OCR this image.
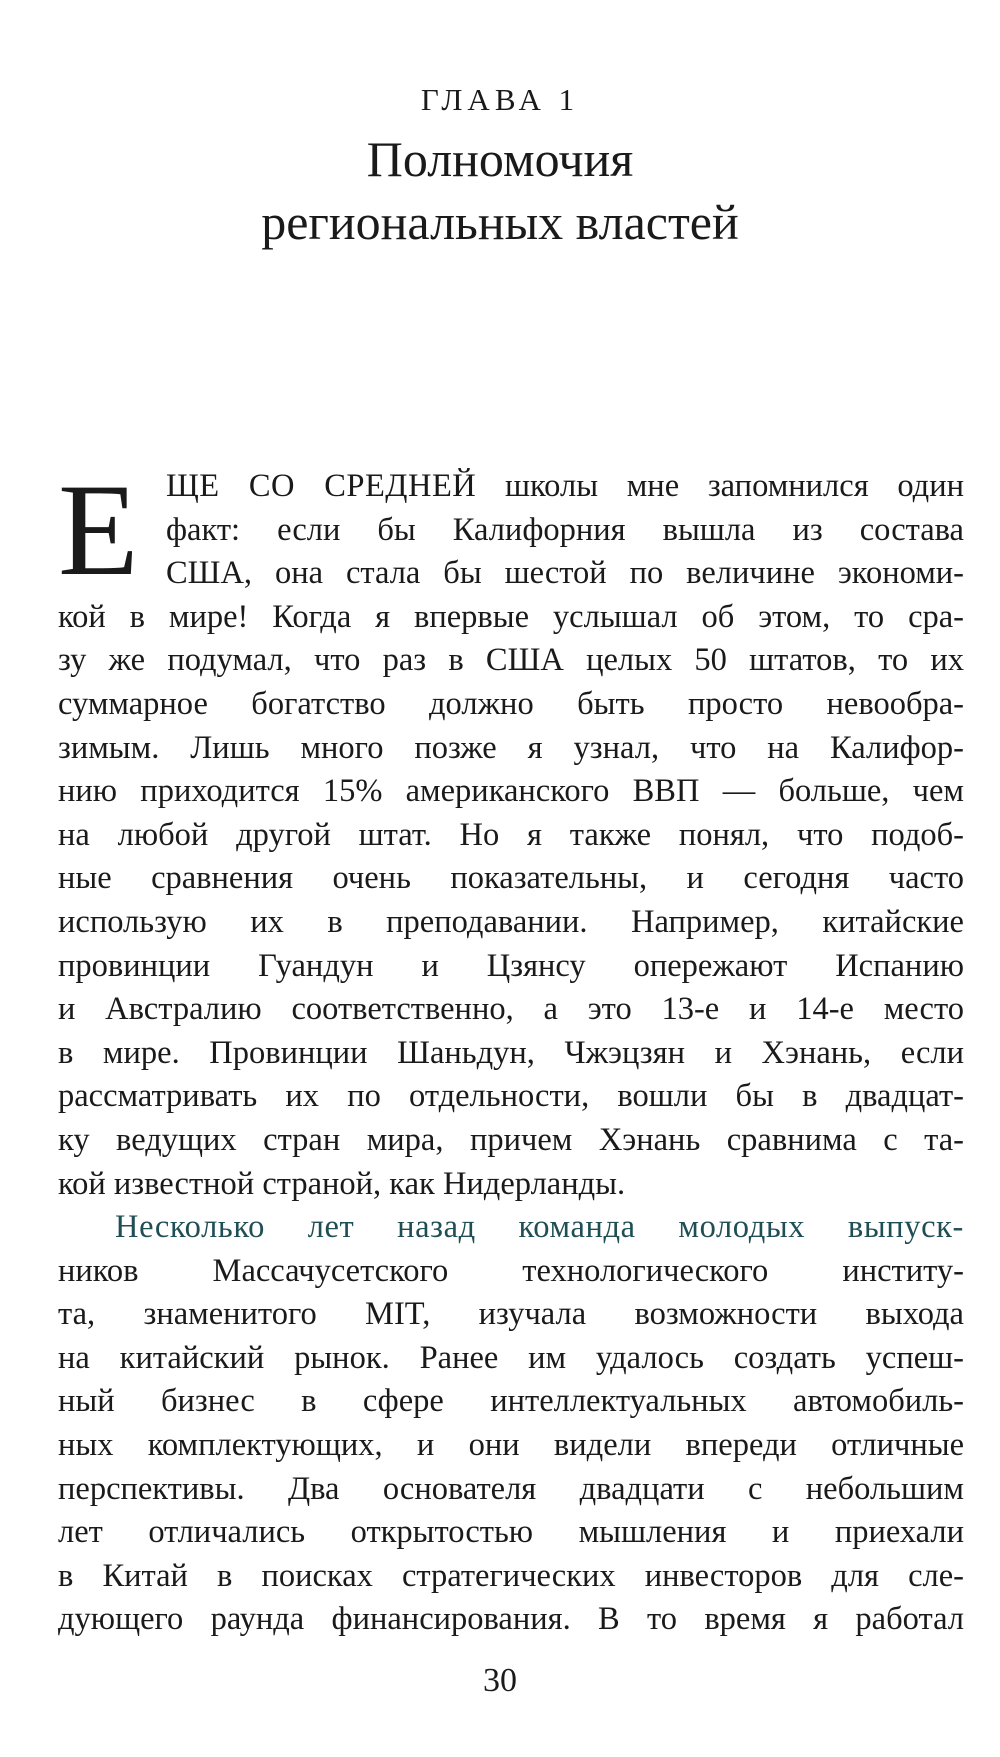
ГЛАВА 1
Полномочия
региональных властей
Е ЩЕ СО СРЕДНЕЙ школы мне запомнился один
факт: если бы Калифорния вышла из состава
США, она стала бы шестой по величине экономи-
кой в мире! Когда я впервые услышал об этом, то сра-
зу же подумал, что раз в США целых 50 штатов, то их
суммарное богатство должно быть просто невообра-
зимым. Лишь много позже я узнал, что на Калифор-
нию приходится 15% американского ВВП — больше, чем
на любой другой штат. Но я также понял, что подоб-
ные сравнения очень показательны, и сегодня часто
использую их в преподавании. Например, китайские
провинции Гуандун и Цзянсу опережают Испанию
и Австралию соответственно, а это 13-е и 14-е место
в мире. Провинции Шаньдун, Чжэцзян и Хэнань, если
рассматривать их по отдельности, вошли бы в двадцат-
ку ведущих стран мира, причем Хэнань сравнима с та-
кой известной страной, как Нидерланды.
Несколько лет назад команда молодых выпуск-
ников Массачусетского технологического институ-
та, знаменитого MIT, изучала возможности выхода
на китайский рынок. Ранее им удалось создать успеш-
ный бизнес в сфере интеллектуальных автомобиль-
ных комплектующих, и они видели впереди отличные
перспективы. Два основателя двадцати с небольшим
лет отличались открытостью мышления и приехали
в Китай в поисках стратегических инвесторов для сле-
дующего раунда финансирования. В то время я работал
30
